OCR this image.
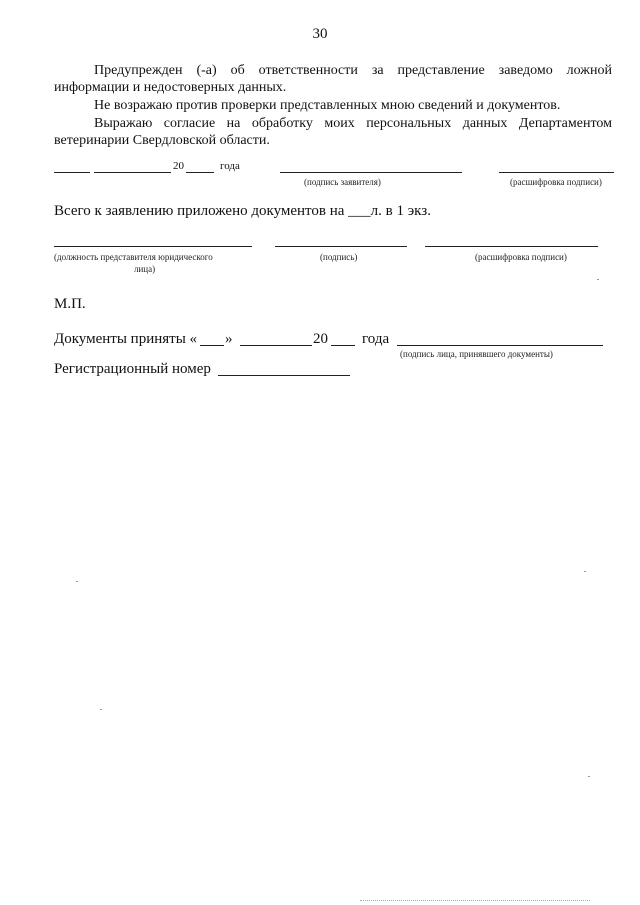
30
Предупрежден (-а) об ответственности за представление заведомо ложной
информации и недостоверных данных.
Не возражаю против проверки представленных мною сведений и документов.
Выражаю согласие на обработку моих персональных данных Департаментом
ветеринарии Свердловской области.
20	года
(подпись заявителя)	(расшифровка подписи)
Всего к заявлению приложено документов на ___л. в 1 экз.
(должность представителя юридического
лица)
(подпись)	(расшифровка подписи)
М.П.
Документы приняты « »	20 года
(подпись лица, принявшего документы)
Регистрационный номер
